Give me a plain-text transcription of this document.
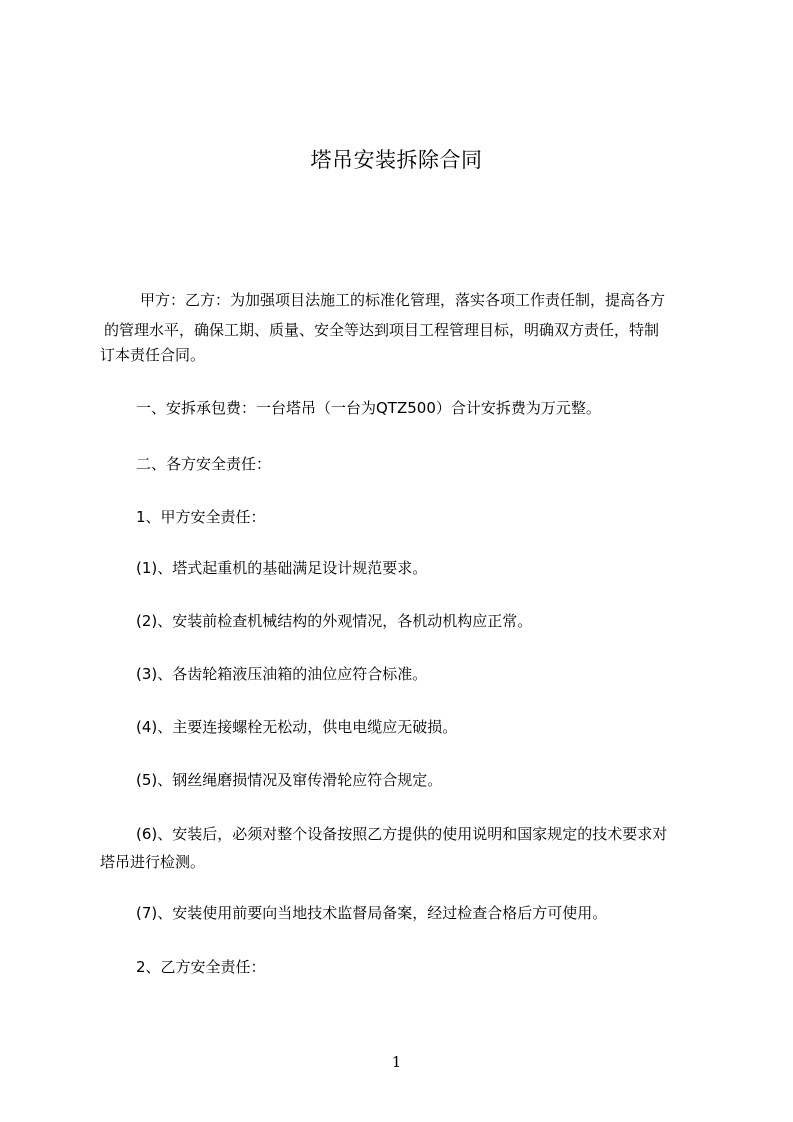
塔吊安装拆除合同
甲方：乙方：为加强项目法施工的标准化管理，落实各项工作责任制，提高各方
的管理水平，确保工期、质量、安全等达到项目工程管理目标，明确双方责任，特制
订本责任合同。
一、安拆承包费：一台塔吊（一台为QTZ500）合计安拆费为万元整。
二、各方安全责任：
1、甲方安全责任：
(1)、塔式起重机的基础满足设计规范要求。
(2)、安装前检查机械结构的外观情况，各机动机构应正常。
(3)、各齿轮箱液压油箱的油位应符合标准。
(4)、主要连接螺栓无松动，供电电缆应无破损。
(5)、钢丝绳磨损情况及窜传滑轮应符合规定。
(6)、安装后，必须对整个设备按照乙方提供的使用说明和国家规定的技术要求对
塔吊进行检测。
(7)、安装使用前要向当地技术监督局备案，经过检查合格后方可使用。
2、乙方安全责任：
1
